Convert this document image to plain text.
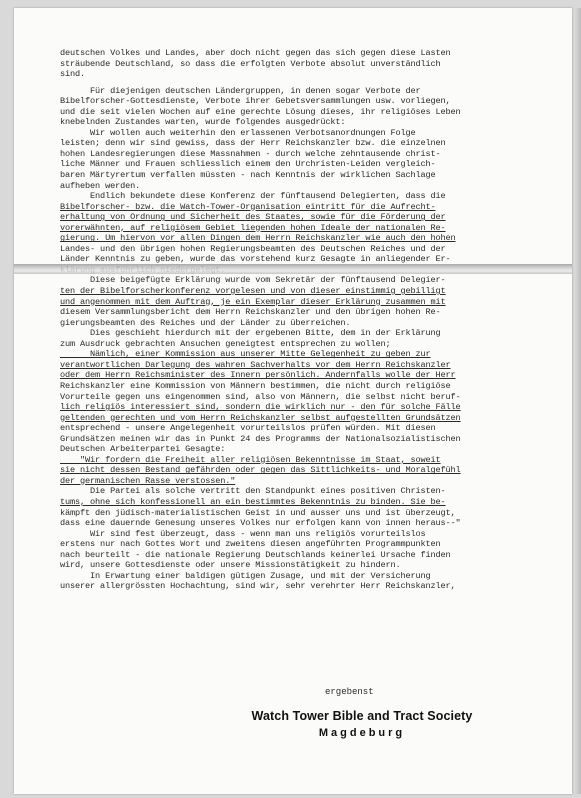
deutschen Volkes und Landes, aber doch nicht gegen das sich gegen diese Lasten
sträubende Deutschland, so dass die erfolgten Verbote absolut unverständlich
sind.
Für diejenigen deutschen Ländergruppen, in denen sogar Verbote der
Bibelforscher-Gottesdienste, Verbote ihrer Gebetsversammlungen usw. vorliegen,
und die seit vielen Wochen auf eine gerechte Lösung dieses, ihr religiöses Leben
knebelnden Zustandes warten, wurde folgendes ausgedrückt:
Wir wollen auch weiterhin den erlassenen Verbotsanordnungen Folge
leisten; denn wir sind gewiss, dass der Herr Reichskanzler bzw. die einzelnen
hohen Landesregierungen diese Massnahmen - durch welche zehntausende christ-
liche Männer und Frauen schliesslich einem den Urchristen-Leiden vergleich-
baren Märtyrertum verfallen müssten - nach Kenntnis der wirklichen Sachlage
aufheben werden.
Endlich bekundete diese Konferenz der fünftausend Delegierten, dass die
Bibelforscher- bzw. die Watch-Tower-Organisation eintritt für die Aufrecht-
erhaltung von Ordnung und Sicherheit des Staates, sowie für die Förderung der
vorerwähnten, auf religiösem Gebiet liegenden hohen Ideale der nationalen Re-
gierung. Um hiervon vor allen Dingen dem Herrn Reichskanzler wie auch den hohen
Landes- und den übrigen hohen Regierungsbeamten des Deutschen Reiches und der
Länder Kenntnis zu geben, wurde das vorstehend kurz Gesagte in anliegender Er-
Diese beigefügte Erklärung wurde vom Sekretär der fünftausend Delegier-
ten der Bibelforscherkonferenz vorgelesen und von dieser einstimmig gebilligt
und angenommen mit dem Auftrag, je ein Exemplar dieser Erklärung zusammen mit
diesem Versammlungsbericht dem Herrn Reichskanzler und den übrigen hohen Re-
gierungsbeamten des Reiches und der Länder zu überreichen.
Dies geschieht hierdurch mit der ergebenen Bitte, dem in der Erklärung
zum Ausdruck gebrachten Ansuchen geneigtest entsprechen zu wollen;
Nämlich, einer Kommission aus unserer Mitte Gelegenheit zu geben zur
verantwortlichen Darlegung des wahren Sachverhalts vor dem Herrn Reichskanzler
oder dem Herrn Reichsminister des Innern persönlich. Andernfalls wolle der Herr
Reichskanzler eine Kommission von Männern bestimmen, die nicht durch religiöse
Vorurteile gegen uns eingenommen sind, also von Männern, die selbst nicht beruf-
lich religiös interessiert sind, sondern die wirklich nur - den für solche Fälle
geltenden gerechten und vom Herrn Reichskanzler selbst aufgestellten Grundsätzen
entsprechend - unsere Angelegenheit vorurteilslos prüfen würden. Mit diesen
Grundsätzen meinen wir das in Punkt 24 des Programms der Nationalsozialistischen
Deutschen Arbeiterpartei Gesagte:
"Wir fordern die Freiheit aller religiösen Bekenntnisse im Staat, soweit
sie nicht dessen Bestand gefährden oder gegen das Sittlichkeits- und Moralgefühl
der germanischen Rasse verstossen."
Die Partei als solche vertritt den Standpunkt eines positiven Christen-
tums, ohne sich konfessionell an ein bestimmtes Bekenntnis zu binden. Sie be-
kämpft den jüdisch-materialistischen Geist in und ausser uns und ist überzeugt,
dass eine dauernde Genesung unseres Volkes nur erfolgen kann von innen heraus--"
Wir sind fest überzeugt, dass - wenn man uns religiös vorurteilslos
erstens nur nach Gottes Wort und zweitens diesen angeführten Programmpunkten
nach beurteilt - die nationale Regierung Deutschlands keinerlei Ursache finden
wird, unsere Gottesdienste oder unsere Missionstätigkeit zu hindern.
In Erwartung einer baldigen gütigen Zusage, und mit der Versicherung
unserer allergrössten Hochachtung, sind wir, sehr verehrter Herr Reichskanzler,
ergebenst
Watch Tower Bible and Tract Society
Magdeburg
